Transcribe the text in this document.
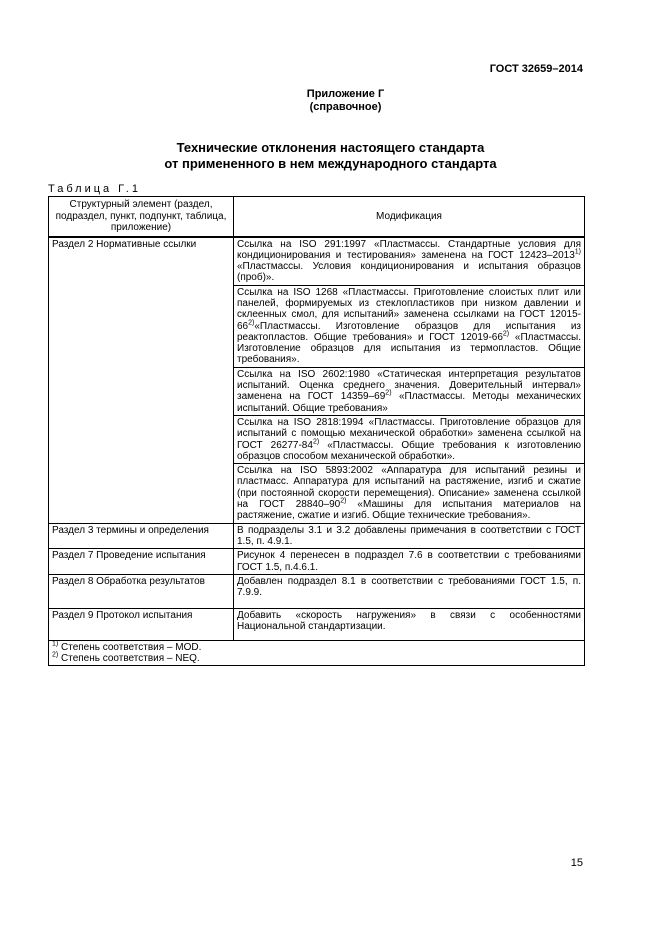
ГОСТ 32659–2014
Приложение Г
(справочное)
Технические отклонения настоящего стандарта
от примененного в нем международного стандарта
Таблица Г.1
Структурный элемент (раздел, подраздел, пункт, подпункт, таблица, приложение)	Модификация
Раздел 2 Нормативные ссылки	Ссылка на ISO 291:1997 «Пластмассы. Стандартные условия для кондиционирования и тестирования» заменена на ГОСТ 12423–2013$^{1)}$ «Пластмассы. Условия кондиционирования и испытания образцов (проб)».
	Ссылка на ISO 1268 «Пластмассы. Приготовление слоистых плит или панелей, формируемых из стеклопластиков при низком давлении и склеенных смол, для испытаний» заменена ссылками на ГОСТ 12015-66$^{2)}$«Пластмассы. Изготовление образцов для испытания из реактопластов. Общие требования» и ГОСТ 12019-66$^{2)}$ «Пластмассы. Изготовление образцов для испытания из термопластов. Общие требования».
	Ссылка на ISO 2602:1980 «Статическая интерпретация результатов испытаний. Оценка среднего значения. Доверительный интервал» заменена на ГОСТ 14359–69$^{2)}$ «Пластмассы. Методы механических испытаний. Общие требования»
	Ссылка на ISO 2818:1994 «Пластмассы. Приготовление образцов для испытаний с помощью механической обработки» заменена ссылкой на ГОСТ 26277-84$^{2)}$ «Пластмассы. Общие требования к изготовлению образцов способом механической обработки».
	Ссылка на ISO 5893:2002 «Аппаратура для испытаний резины и пластмасс. Аппаратура для испытаний на растяжение, изгиб и сжатие (при постоянной скорости перемещения). Описание» заменена ссылкой на ГОСТ 28840–90$^{2)}$ «Машины для испытания материалов на растяжение, сжатие и изгиб. Общие технические требования».
Раздел 3 термины и определения	В подразделы 3.1 и 3.2 добавлены примечания в соответствии с ГОСТ 1.5, п. 4.9.1.
Раздел 7 Проведение испытания	Рисунок 4 перенесен в подраздел 7.6 в соответствии с требованиями ГОСТ 1.5, п.4.6.1.
Раздел 8 Обработка результатов	Добавлен подраздел 8.1 в соответствии с требованиями ГОСТ 1.5, п. 7.9.9.
Раздел 9 Протокол испытания	Добавить «скорость нагружения» в связи с особенностями Национальной стандартизации.

$^{1)}$ Степень соответствия – MOD.
$^{2)}$ Степень соответствия – NEQ.	
15
